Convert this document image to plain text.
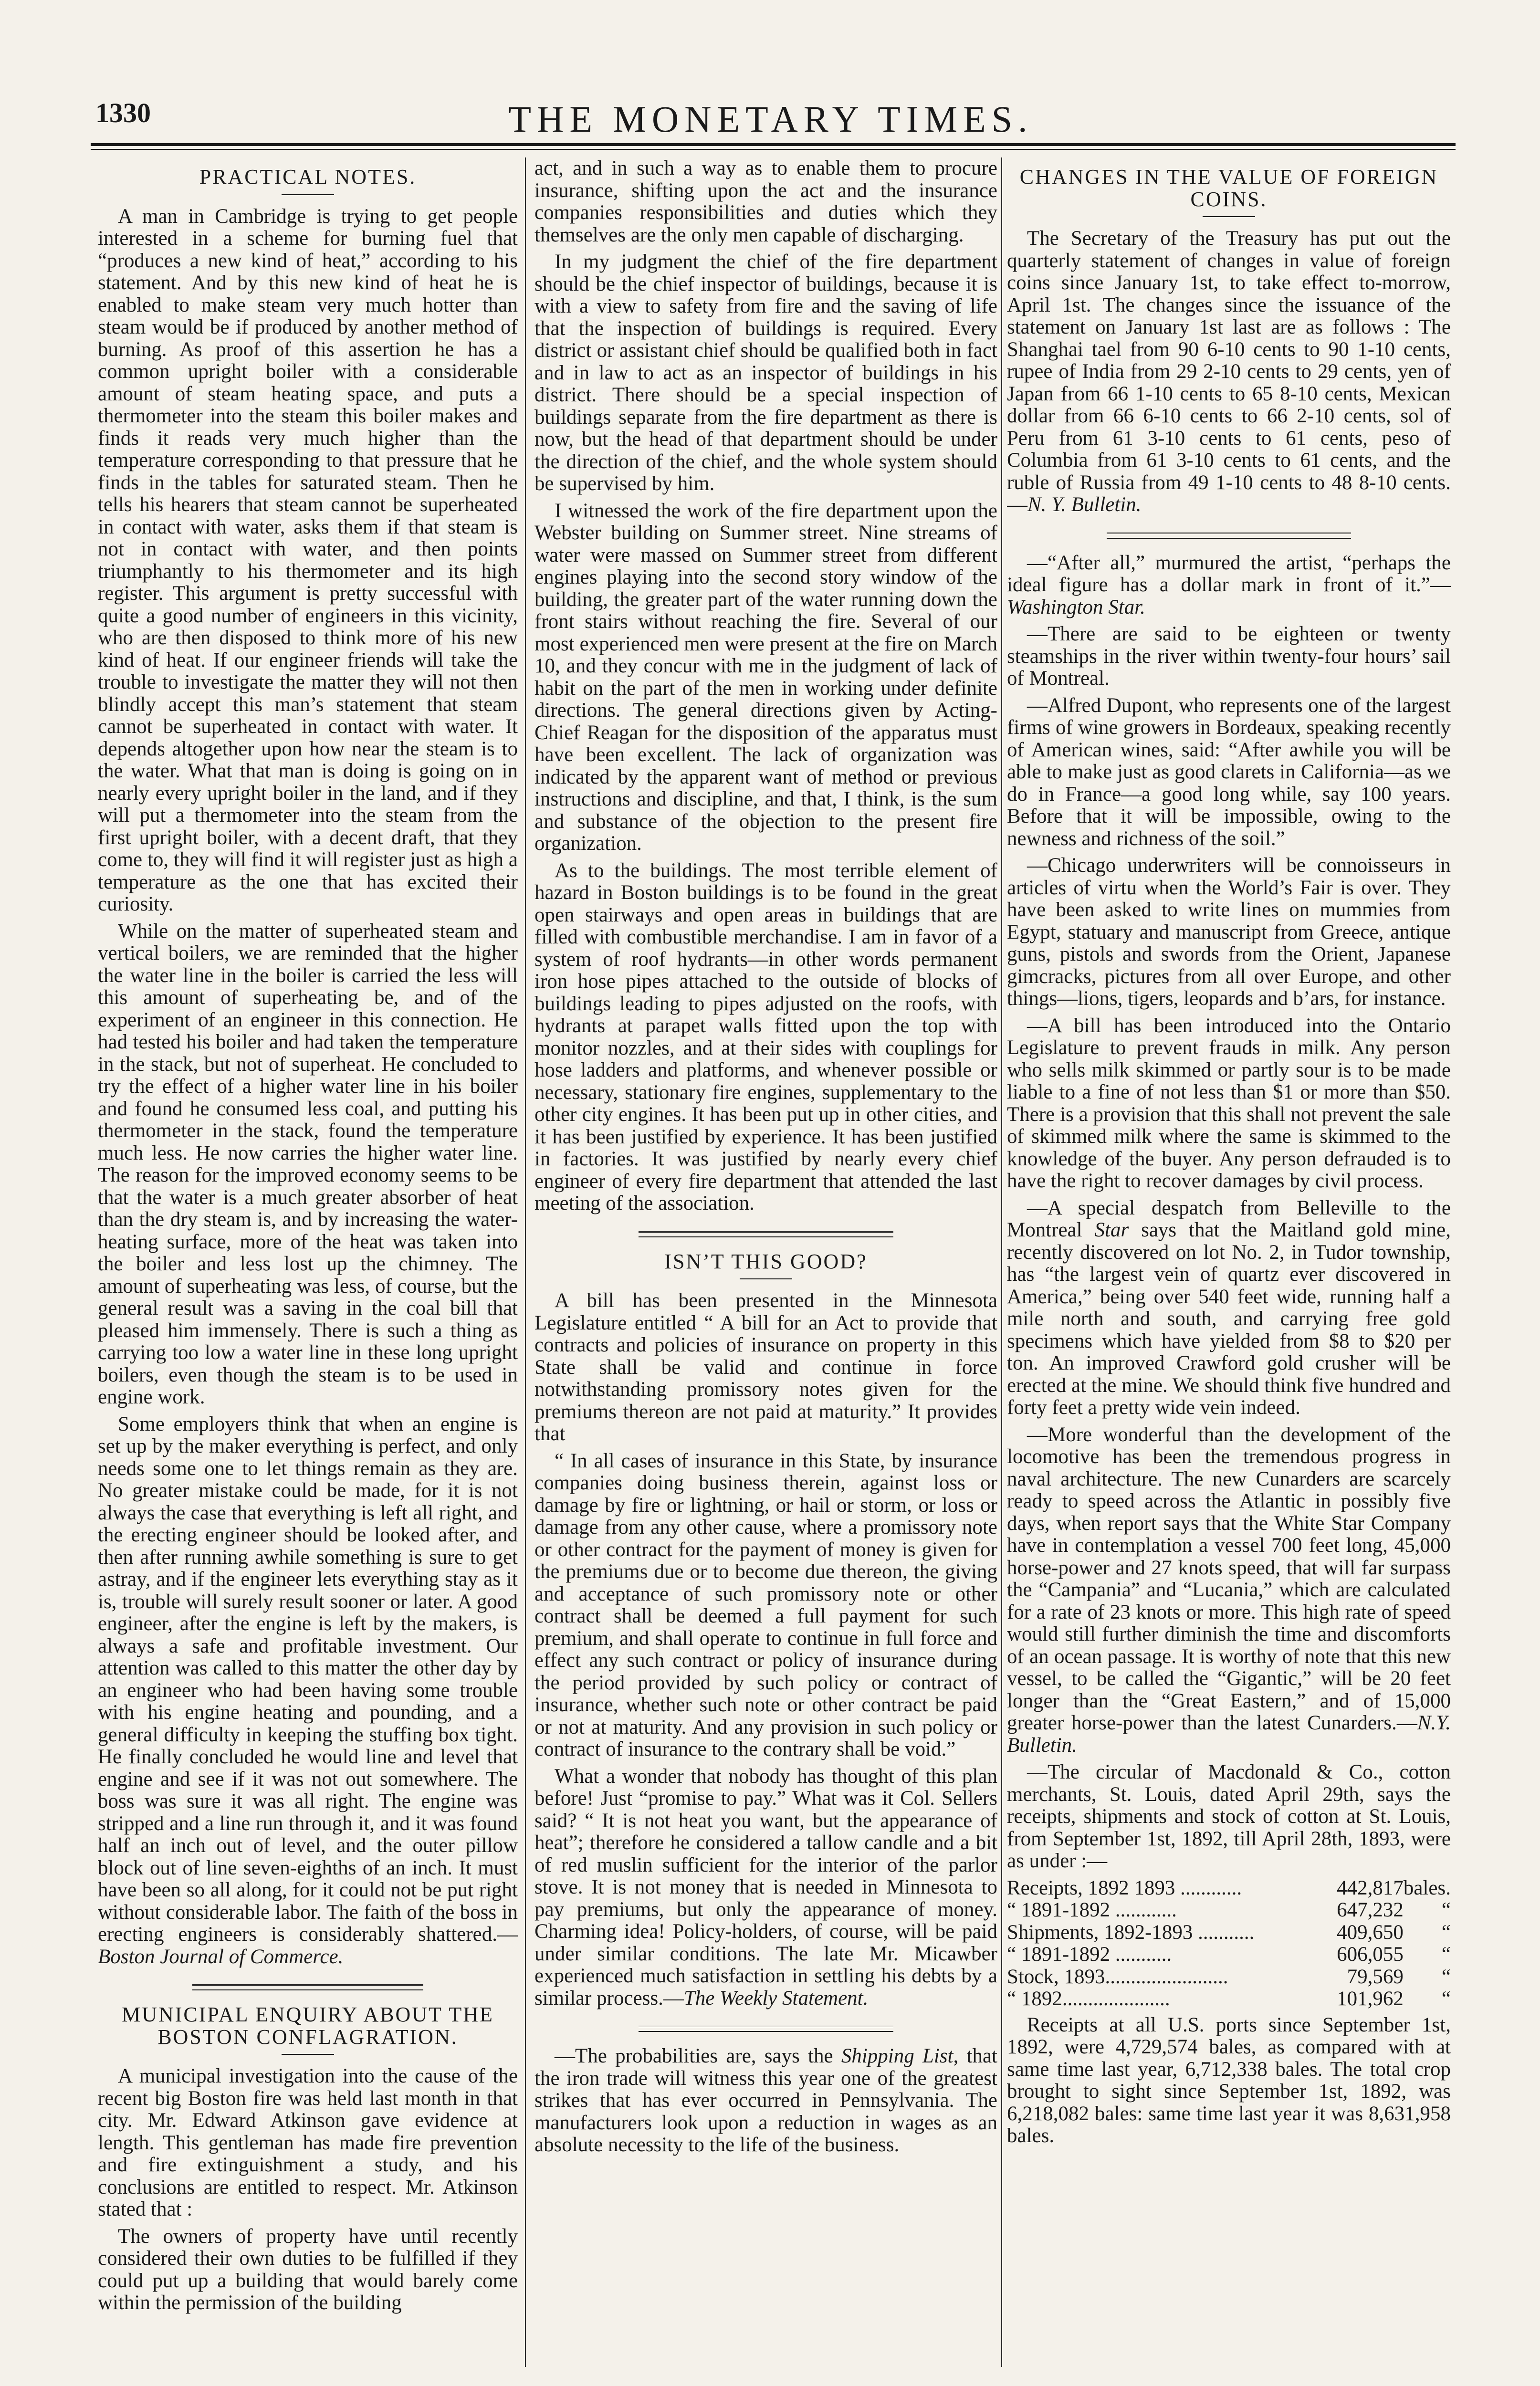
1330	THE MONETARY TIMES.
PRACTICAL NOTES.

A man in Cambridge is trying to get people interested in a scheme for burning fuel that “produces a new kind of heat,” according to his statement. And by this new kind of heat he is enabled to make steam very much hotter than steam would be if produced by another method of burning. As proof of this assertion he has a common upright boiler with a considerable amount of steam heating space, and puts a thermometer into the steam this boiler makes and finds it reads very much higher than the temperature corresponding to that pressure that he finds in the tables for saturated steam. Then he tells his hearers that steam cannot be superheated in contact with water, asks them if that steam is not in contact with water, and then points triumphantly to his thermometer and its high register. This argument is pretty successful with quite a good number of engineers in this vicinity, who are then disposed to think more of his new kind of heat. If our engineer friends will take the trouble to investigate the matter they will not then blindly accept this man’s statement that steam cannot be superheated in contact with water. It depends altogether upon how near the steam is to the water. What that man is doing is going on in nearly every upright boiler in the land, and if they will put a thermometer into the steam from the first upright boiler, with a decent draft, that they come to, they will find it will register just as high a temperature as the one that has excited their curiosity.

While on the matter of superheated steam and vertical boilers, we are reminded that the higher the water line in the boiler is carried the less will this amount of superheating be, and of the experiment of an engineer in this connection. He had tested his boiler and had taken the temperature in the stack, but not of superheat. He concluded to try the effect of a higher water line in his boiler and found he consumed less coal, and putting his thermometer in the stack, found the temperature much less. He now carries the higher water line. The reason for the improved economy seems to be that the water is a much greater absorber of heat than the dry steam is, and by increasing the water-heating surface, more of the heat was taken into the boiler and less lost up the chimney. The amount of superheating was less, of course, but the general result was a saving in the coal bill that pleased him immensely. There is such a thing as carrying too low a water line in these long upright boilers, even though the steam is to be used in engine work.

Some employers think that when an engine is set up by the maker everything is perfect, and only needs some one to let things remain as they are. No greater mistake could be made, for it is not always the case that everything is left all right, and the erecting engineer should be looked after, and then after running awhile something is sure to get astray, and if the engineer lets everything stay as it is, trouble will surely result sooner or later. A good engineer, after the engine is left by the makers, is always a safe and profitable investment. Our attention was called to this matter the other day by an engineer who had been having some trouble with his engine heating and pounding, and a general difficulty in keeping the stuffing box tight. He finally concluded he would line and level that engine and see if it was not out somewhere. The boss was sure it was all right. The engine was stripped and a line run through it, and it was found half an inch out of level, and the outer pillow block out of line seven-eighths of an inch. It must have been so all along, for it could not be put right without considerable labor. The faith of the boss in erecting engineers is considerably shattered.—Boston Journal of Commerce.

MUNICIPAL ENQUIRY ABOUT THE BOSTON CONFLAGRATION.

A municipal investigation into the cause of the recent big Boston fire was held last month in that city. Mr. Edward Atkinson gave evidence at length. This gentleman has made fire prevention and fire extinguishment a study, and his conclusions are entitled to respect. Mr. Atkinson stated that :

The owners of property have until recently considered their own duties to be fulfilled if they could put up a building that would barely come within the permission of the building

act, and in such a way as to enable them to procure insurance, shifting upon the act and the insurance companies responsibilities and duties which they themselves are the only men capable of discharging.

In my judgment the chief of the fire department should be the chief inspector of buildings, because it is with a view to safety from fire and the saving of life that the inspection of buildings is required. Every district or assistant chief should be qualified both in fact and in law to act as an inspector of buildings in his district. There should be a special inspection of buildings separate from the fire department as there is now, but the head of that department should be under the direction of the chief, and the whole system should be supervised by him.

I witnessed the work of the fire department upon the Webster building on Summer street. Nine streams of water were massed on Summer street from different engines playing into the second story window of the building, the greater part of the water running down the front stairs without reaching the fire. Several of our most experienced men were present at the fire on March 10, and they concur with me in the judgment of lack of habit on the part of the men in working under definite directions. The general directions given by Acting-Chief Reagan for the disposition of the apparatus must have been excellent. The lack of organization was indicated by the apparent want of method or previous instructions and discipline, and that, I think, is the sum and substance of the objection to the present fire organization.

As to the buildings. The most terrible element of hazard in Boston buildings is to be found in the great open stairways and open areas in buildings that are filled with combustible merchandise. I am in favor of a system of roof hydrants—in other words permanent iron hose pipes attached to the outside of blocks of buildings leading to pipes adjusted on the roofs, with hydrants at parapet walls fitted upon the top with monitor nozzles, and at their sides with couplings for hose ladders and platforms, and whenever possible or necessary, stationary fire engines, supplementary to the other city engines. It has been put up in other cities, and it has been justified by experience. It has been justified in factories. It was justified by nearly every chief engineer of every fire department that attended the last meeting of the association.

ISN’T THIS GOOD?

A bill has been presented in the Minnesota Legislature entitled “ A bill for an Act to provide that contracts and policies of insurance on property in this State shall be valid and continue in force notwithstanding promissory notes given for the premiums thereon are not paid at maturity.” It provides that

“ In all cases of insurance in this State, by insurance companies doing business therein, against loss or damage by fire or lightning, or hail or storm, or loss or damage from any other cause, where a promissory note or other contract for the payment of money is given for the premiums due or to become due thereon, the giving and acceptance of such promissory note or other contract shall be deemed a full payment for such premium, and shall operate to continue in full force and effect any such contract or policy of insurance during the period provided by such policy or contract of insurance, whether such note or other contract be paid or not at maturity. And any provision in such policy or contract of insurance to the contrary shall be void.”

What a wonder that nobody has thought of this plan before! Just “promise to pay.” What was it Col. Sellers said? “ It is not heat you want, but the appearance of heat”; therefore he considered a tallow candle and a bit of red muslin sufficient for the interior of the parlor stove. It is not money that is needed in Minnesota to pay premiums, but only the appearance of money. Charming idea! Policy-holders, of course, will be paid under similar conditions. The late Mr. Micawber experienced much satisfaction in settling his debts by a similar process.—The Weekly Statement.

—The probabilities are, says the Shipping List, that the iron trade will witness this year one of the greatest strikes that has ever occurred in Pennsylvania. The manufacturers look upon a reduction in wages as an absolute necessity to the life of the business.

CHANGES IN THE VALUE OF FOREIGN COINS.

The Secretary of the Treasury has put out the quarterly statement of changes in value of foreign coins since January 1st, to take effect to-morrow, April 1st. The changes since the issuance of the statement on January 1st last are as follows : The Shanghai tael from 90 6-10 cents to 90 1-10 cents, rupee of India from 29 2-10 cents to 29 cents, yen of Japan from 66 1-10 cents to 65 8-10 cents, Mexican dollar from 66 6-10 cents to 66 2-10 cents, sol of Peru from 61 3-10 cents to 61 cents, peso of Columbia from 61 3-10 cents to 61 cents, and the ruble of Russia from 49 1-10 cents to 48 8-10 cents.—N. Y. Bulletin.

—“After all,” murmured the artist, “perhaps the ideal figure has a dollar mark in front of it.”—Washington Star.

—There are said to be eighteen or twenty steamships in the river within twenty-four hours’ sail of Montreal.

—Alfred Dupont, who represents one of the largest firms of wine growers in Bordeaux, speaking recently of American wines, said: “After awhile you will be able to make just as good clarets in California—as we do in France—a good long while, say 100 years. Before that it will be impossible, owing to the newness and richness of the soil.”

—Chicago underwriters will be connoisseurs in articles of virtu when the World’s Fair is over. They have been asked to write lines on mummies from Egypt, statuary and manuscript from Greece, antique guns, pistols and swords from the Orient, Japanese gimcracks, pictures from all over Europe, and other things—lions, tigers, leopards and b’ars, for instance.

—A bill has been introduced into the Ontario Legislature to prevent frauds in milk. Any person who sells milk skimmed or partly sour is to be made liable to a fine of not less than $1 or more than $50. There is a provision that this shall not prevent the sale of skimmed milk where the same is skimmed to the knowledge of the buyer. Any person defrauded is to have the right to recover damages by civil process.

—A special despatch from Belleville to the Montreal Star says that the Maitland gold mine, recently discovered on lot No. 2, in Tudor township, has “the largest vein of quartz ever discovered in America,” being over 540 feet wide, running half a mile north and south, and carrying free gold specimens which have yielded from $8 to $20 per ton. An improved Crawford gold crusher will be erected at the mine. We should think five hundred and forty feet a pretty wide vein indeed.

—More wonderful than the development of the locomotive has been the tremendous progress in naval architecture. The new Cunarders are scarcely ready to speed across the Atlantic in possibly five days, when report says that the White Star Company have in contemplation a vessel 700 feet long, 45,000 horse-power and 27 knots speed, that will far surpass the “Campania” and “Lucania,” which are calculated for a rate of 23 knots or more. This high rate of speed would still further diminish the time and discomforts of an ocean passage. It is worthy of note that this new vessel, to be called the “Gigantic,” will be 20 feet longer than the “Great Eastern,” and of 15,000 greater horse-power than the latest Cunarders.—N.Y. Bulletin.

—The circular of Macdonald & Co., cotton merchants, St. Louis, dated April 29th, says the receipts, shipments and stock of cotton at St. Louis, from September 1st, 1892, till April 28th, 1893, were as under :—

Receipts, 1892 1893 ............	442,817	bales.
“ 1891-1892 ............	647,232	“
Shipments, 1892-1893 ...........	409,650	“
“ 1891-1892 ...........	606,055	“
Stock, 1893........................	79,569	“
“ 1892.....................	101,962	“

Receipts at all U.S. ports since September 1st, 1892, were 4,729,574 bales, as compared with at same time last year, 6,712,338 bales. The total crop brought to sight since September 1st, 1892, was 6,218,082 bales: same time last year it was 8,631,958 bales.
